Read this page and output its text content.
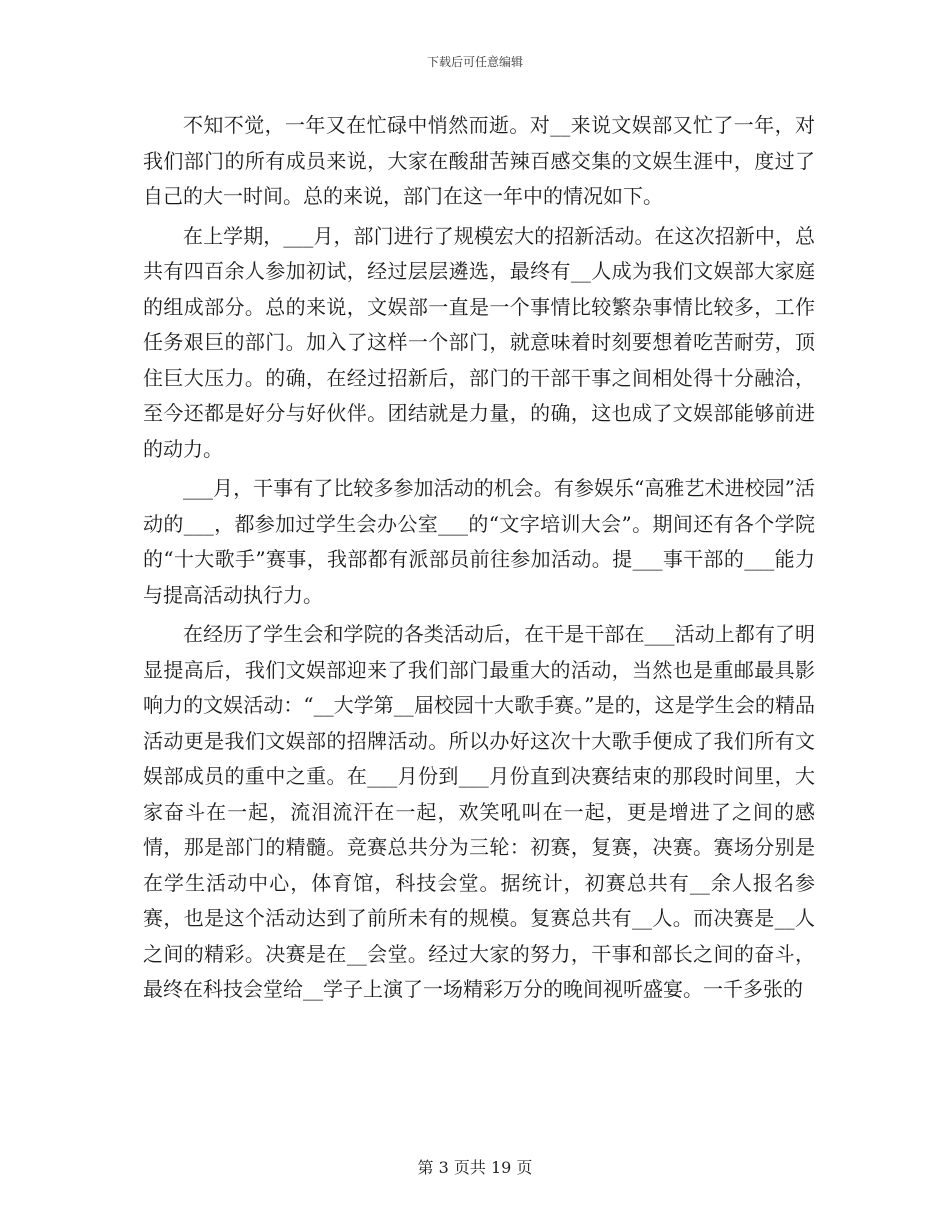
下载后可任意编辑

不知不觉，一年又在忙碌中悄然而逝。对__来说文娱部又忙了一年，对我们部门的所有成员来说，大家在酸甜苦辣百感交集的文娱生涯中，度过了自己的大一时间。总的来说，部门在这一年中的情况如下。

在上学期，___月，部门进行了规模宏大的招新活动。在这次招新中，总共有四百余人参加初试，经过层层遴选，最终有__人成为我们文娱部大家庭的组成部分。总的来说，文娱部一直是一个事情比较繁杂事情比较多，工作任务艰巨的部门。加入了这样一个部门，就意味着时刻要想着吃苦耐劳，顶住巨大压力。的确，在经过招新后，部门的干部干事之间相处得十分融洽，至今还都是好分与好伙伴。团结就是力量，的确，这也成了文娱部能够前进的动力。

___月，干事有了比较多参加活动的机会。有参娱乐“高雅艺术进校园”活动的___，都参加过学生会办公室___的“文字培训大会”。期间还有各个学院的“十大歌手”赛事，我部都有派部员前往参加活动。提___事干部的___能力与提高活动执行力。

在经历了学生会和学院的各类活动后，在干是干部在___活动上都有了明显提高后，我们文娱部迎来了我们部门最重大的活动，当然也是重邮最具影响力的文娱活动：“__大学第__届校园十大歌手赛。”是的，这是学生会的精品活动更是我们文娱部的招牌活动。所以办好这次十大歌手便成了我们所有文娱部成员的重中之重。在___月份到___月份直到决赛结束的那段时间里，大家奋斗在一起，流泪流汗在一起，欢笑吼叫在一起，更是增进了之间的感情，那是部门的精髓。竞赛总共分为三轮：初赛，复赛，决赛。赛场分别是在学生活动中心，体育馆，科技会堂。据统计，初赛总共有__余人报名参赛，也是这个活动达到了前所未有的规模。复赛总共有__人。而决赛是__人之间的精彩。决赛是在__会堂。经过大家的努力，干事和部长之间的奋斗，最终在科技会堂给__学子上演了一场精彩万分的晚间视听盛宴。一千多张的

第 3 页共 19 页
